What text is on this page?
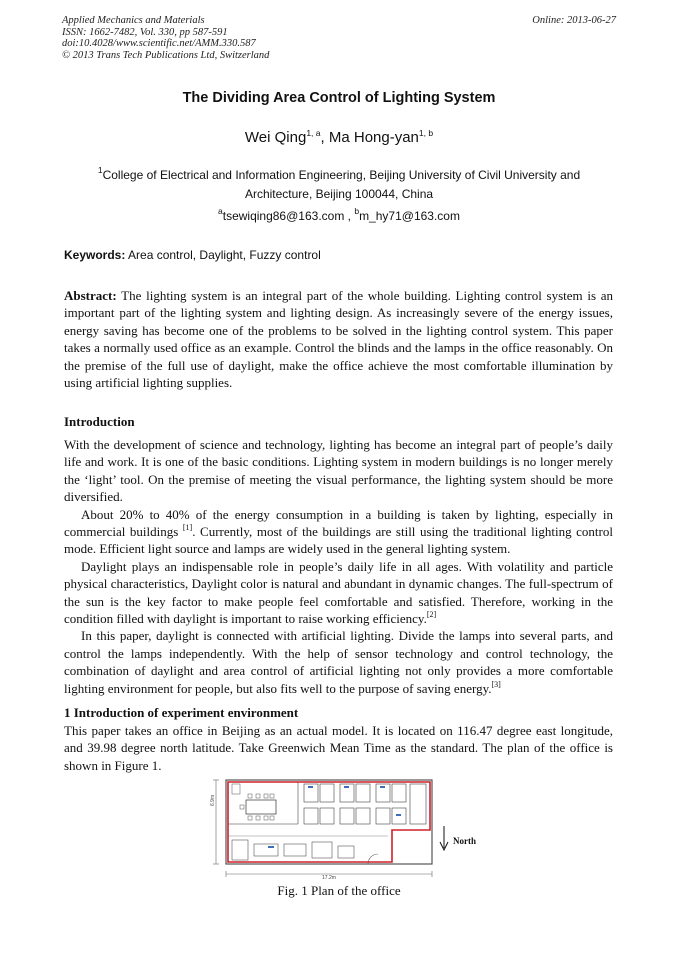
Applied Mechanics and Materials
ISSN: 1662-7482, Vol. 330, pp 587-591
doi:10.4028/www.scientific.net/AMM.330.587
© 2013 Trans Tech Publications Ltd, Switzerland
Online: 2013-06-27
The Dividing Area Control of Lighting System
Wei Qing$^{1, a}$, Ma Hong-yan$^{1, b}$
$^1$College of Electrical and Information Engineering, Beijing University of Civil University and Architecture, Beijing 100044, China
$^a$tsewiqing86@163.com , $^b$m_hy71@163.com
Keywords: Area control, Daylight, Fuzzy control
Abstract: The lighting system is an integral part of the whole building. Lighting control system is an important part of the lighting system and lighting design. As increasingly severe of the energy issues, energy saving has become one of the problems to be solved in the lighting control system. This paper takes a normally used office as an example. Control the blinds and the lamps in the office reasonably. On the premise of the full use of daylight, make the office achieve the most comfortable illumination by using artificial lighting supplies.
Introduction

With the development of science and technology, lighting has become an integral part of people’s daily life and work. It is one of the basic conditions. Lighting system in modern buildings is no longer merely the ‘light’ tool. On the premise of meeting the visual performance, the lighting system should be more diversified.

About 20% to 40% of the energy consumption in a building is taken by lighting, especially in commercial buildings [1]. Currently, most of the buildings are still using the traditional lighting control mode. Efficient light source and lamps are widely used in the general lighting system.

Daylight plays an indispensable role in people’s daily life in all ages. With volatility and particle physical characteristics, Daylight color is natural and abundant in dynamic changes. The full-spectrum of the sun is the key factor to make people feel comfortable and satisfied. Therefore, working in the condition filled with daylight is important to raise working efficiency.[2]

In this paper, daylight is connected with artificial lighting. Divide the lamps into several parts, and control the lamps independently. With the help of sensor technology and control technology, the combination of daylight and area control of artificial lighting not only provides a more comfortable lighting environment for people, but also fits well to the purpose of saving energy.[3]

1 Introduction of experiment environment
This paper takes an office in Beijing as an actual model. It is located on 116.47 degree east longitude, and 39.98 degree north latitude. Take Greenwich Mean Time as the standard. The plan of the office is shown in Figure 1.
6.9m
17.2m
North
Fig. 1 Plan of the office
